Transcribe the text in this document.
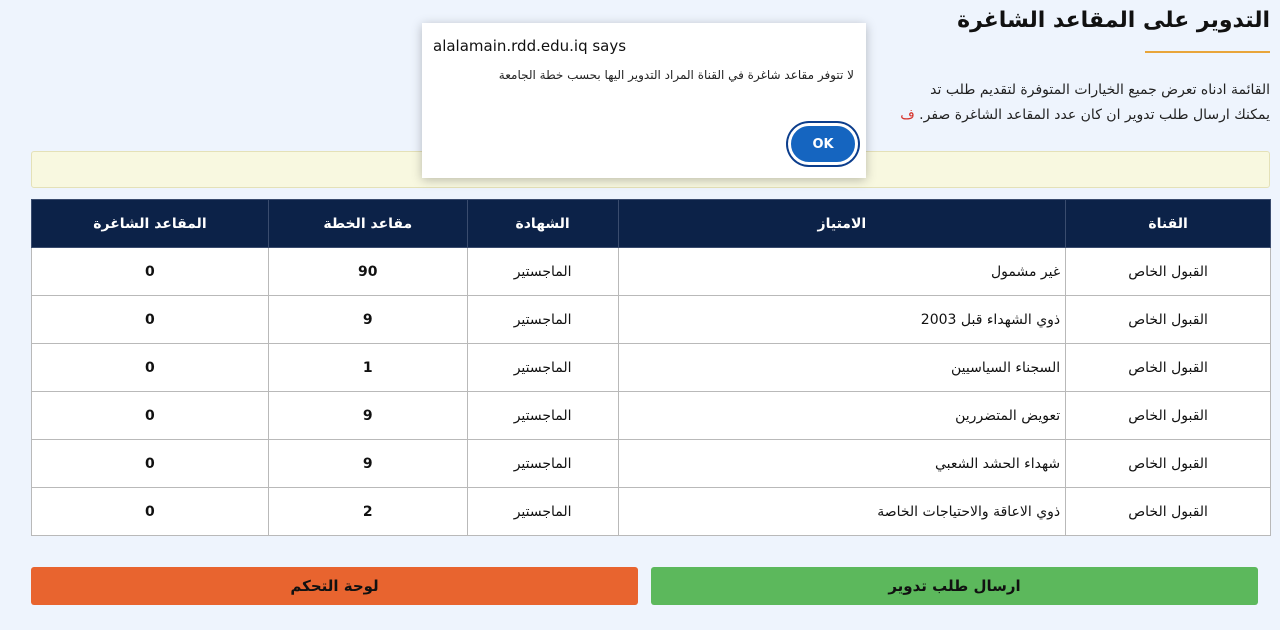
التدوير على المقاعد الشاغرة
القائمة ادناه تعرض جميع الخيارات المتوفرة لتقديم طلب تد
يمكنك ارسال طلب تدوير ان كان عدد المقاعد الشاغرة صفر. ف
القناة	الامتياز	الشهادة	مقاعد الخطة	المقاعد الشاغرة
القبول الخاص	غير مشمول	الماجستير	90	0
القبول الخاص	ذوي الشهداء قبل 2003	الماجستير	9	0
القبول الخاص	السجناء السياسيين	الماجستير	1	0
القبول الخاص	تعويض المتضررين	الماجستير	9	0
القبول الخاص	شهداء الحشد الشعبي	الماجستير	9	0
القبول الخاص	ذوي الاعاقة والاحتياجات الخاصة	الماجستير	2	0
ارسال طلب تدوير
لوحة التحكم
alalamain.rdd.edu.iq says
لا تتوفر مقاعد شاغرة في القناة المراد التدوير اليها بحسب خطة الجامعة
OK
